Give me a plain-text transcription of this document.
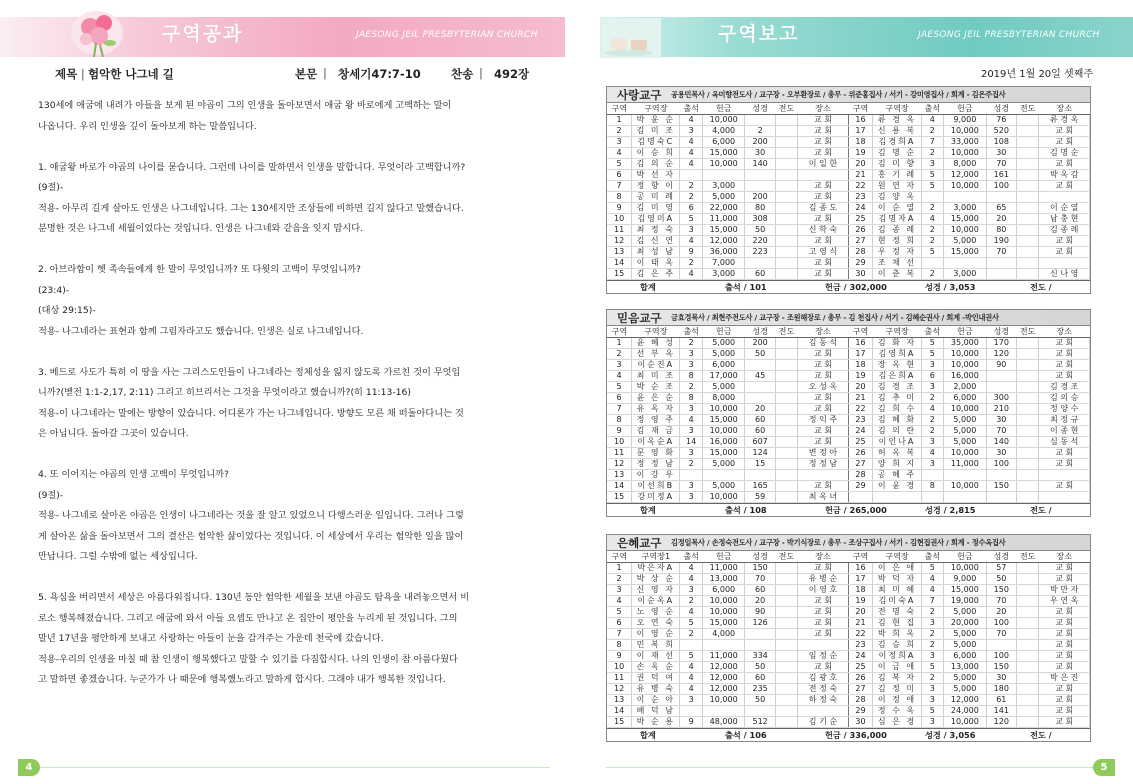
구역공과	JAESONG JEIL PRESBYTERIAN CHURCH
제목 | 험악한 나그네 길	본문 | 창세기47:7-10	찬송 | 492장

130세에 애굽에 내려가 아들을 보게 된 야곱이 그의 인생을 돌아보면서 애굽 왕 바로에게 고백하는 말이

나옵니다. 우리 인생을 깊이 돌아보게 하는 말씀입니다.

1. 애굽왕 바로가 야곱의 나이를 묻습니다. 그런데 나이를 말하면서 인생을 말합니다. 무엇이라 고백합니까?

(9절)-

적용- 아무리 길게 살아도 인생은 나그네입니다. 그는 130세지만 조상들에 비하면 길지 않다고 말했습니다.

분명한 것은 나그네 세월이었다는 것입니다. 인생은 나그네와 같음을 잊지 맙시다.

2. 아브라함이 헷 족속들에게 한 말이 무엇입니까? 또 다윗의 고백이 무엇입니까?

(23:4)-

(대상 29:15)-

적용- 나그네라는 표현과 함께 그림자라고도 했습니다. 인생은 실로 나그네입니다.

3. 베드로 사도가 특히 이 땅을 사는 그리스도인들이 나그네라는 정체성을 잃지 않도록 가르친 것이 무엇입

니까?(벧전 1:1-2,17, 2:11) 그리고 히브리서는 그것을 무엇이라고 했습니까?(히 11:13-16)

적용-이 나그네라는 말에는 방향이 있습니다. 어디론가 가는 나그네입니다. 방향도 모른 채 떠돌아다니는 것

은 아닙니다. 돌아갈 그곳이 있습니다.

4. 또 이어지는 야곱의 인생 고백이 무엇입니까?

(9절)-

적용- 나그네로 살아온 야곱은 인생이 나그네라는 것을 잘 알고 있었으니 다행스러운 일입니다. 그러나 그렇

게 살아온 삶을 돌아보면서 그의 결산은 험악한 삶이었다는 것입니다. 이 세상에서 우리는 험악한 일을 많이

만납니다. 그럴 수밖에 없는 세상입니다.

5. 욕심을 버리면서 세상은 아름다워집니다. 130년 동안 험악한 세월을 보낸 야곱도 탐욕을 내려놓으면서 비

로소 행복해졌습니다. 그리고 애굽에 와서 아들 요셉도 만나고 온 집안이 평안을 누리게 된 것입니다. 그의

말년 17년을 평안하게 보내고 사랑하는 아들이 눈을 감겨주는 가운데 천국에 갔습니다.

적용-우리의 인생을 마칠 때 참 인생이 행복했다고 말할 수 있기를 다짐합시다. 나의 인생이 참 아름다웠다

고 말하면 좋겠습니다. 누군가가 나 때문에 행복했노라고 말하게 합시다. 그래야 내가 행복한 것입니다.

4
구역보고	JAESONG JEIL PRESBYTERIAN CHURCH
2019년 1월 20일 셋째주
사랑교구	공용민목사 / 옥미향전도사 / 교구장 - 오부환장로 / 총무 - 위준홍집사 / 서기 - 강미영집사 / 회계 - 김은주집사
구역	구역장	출석	헌금	성경	전도	장소	구역	구역장	출석	헌금	성경	전도	장소
1	박 윤 순	4	10,000			교 회	16	류 경 옥	4	9,000	76		류 경 옥
2	김 미 조	3	4,000	2		교 회	17	신 용 복	2	10,000	520		교 회
3	김명숙C	4	6,000	200		교 회	18	김경희A	7	33,000	108		교 회
4	이 승 희	4	15,000	30		교 회	19	김 명 순	2	10,000	30		김 명 순
5	김 의 순	4	10,000	140		이 일 한	20	김 미 향	3	8,000	70		교 회
6	박 선 자						21	홍 기 례	5	12,000	161		박 옥 감
7	정 향 이	2	3,000			교 회	22	원 연 자	5	10,000	100		교 회
8	공 미 례	2	5,000	200		교 회	23	김 양 옥					
9	김 미 영	6	22,000	80		김 종 도	24	이 순 열	2	3,000	65		이 순 열
10	김영미A	5	11,000	308		교 회	25	김명자A	4	15,000	20		남 충 현
11	최 정 숙	3	15,000	50		신 학 숙	26	김 종 례	2	10,000	80		김 종 례
12	김 신 연	4	12,000	220		교 회	27	현 정 희	2	5,000	190		교 회
13	최 성 남	9	36,000	223		고 영 식	28	우 정 자	5	15,000	70		교 회
14	이 태 옥	2	7,000			교 회	29	조 채 선					
15	김 은 주	4	3,000	60		교 회	30	이 춘 복	2	3,000			신 나 영
합계	출석 / 101	헌금 / 302,000	성경 / 3,053	전도 /
믿음교구	금효경목사 / 최현주전도사 / 교구장 - 조원해장로 / 총무 - 김 천집사 / 서기 - 김혜순권사 / 회계 -박인내권사
구역	구역장	출석	헌금	성경	전도	장소	구역	구역장	출석	헌금	성경	전도	장소
1	윤 혜 성	2	5,000	200		김 동 석	16	김 화 자	5	35,000	170		교 회
2	선 부 옥	3	5,000	50		교 회	17	김영희A	5	10,000	120		교 회
3	이순진A	3	6,000			교 회	18	장 옥 현	3	10,000	90		교 회
4	최 미 조	8	17,000	45		교 회	19	김은희A	6	16,000			교 회
5	박 순 조	2	5,000			오 성 옥	20	김 경 조	3	2,000			김 경 조
6	윤 은 순	8	8,000			교 회	21	김 추 미	2	6,000	300		김 의 승
7	유 옥 자	3	10,000	20		교 회	22	김 희 수	4	10,000	210		정 양 수
8	정 영 주	4	15,000	60		정 익 주	23	김 혜 화	2	5,000	30		최 정 규
9	김 재 금	3	10,000	60		교 회	24	김 의 란	2	5,000	70		이 종 현
10	이옥순A	14	16,000	607		교 회	25	이인나A	3	5,000	140		심 동 석
11	문 영 화	3	15,000	124		변 정 아	26	허 옥 복	4	10,000	30		교 회
12	정 정 남	2	5,000	15		정 정 남	27	양 희 지	3	11,000	100		교 회
13	이 강 우						28	공 혜 주					
14	이선희B	3	5,000	165		교 회	29	이 윤 경	8	10,000	150		교 회
15	강미정A	3	10,000	59		최 옥 녀							
합계	출석 / 108	헌금 / 265,000	성경 / 2,815	전도 /
은혜교구	김정일목사 / 손정숙전도사 / 교구장 - 박기식장로 / 총무 - 조상구집사 / 서기 - 김현집권사 / 회계 - 정수옥집사
구역	구역장1	출석	헌금	성경	전도	장소	구역	구역장	출석	헌금	성경	전도	장소
1	박은자A	4	11,000	150		교 회	16	이 은 애	5	10,000	57		교 회
2	박 상 순	4	13,000	70		유 병 순	17	박 덕 자	4	9,000	50		교 회
3	신 영 자	3	6,000	60		이 영 호	18	최 미 혜	4	15,000	150		박 만 자
4	이순옥A	2	10,000	20		교 회	19	김미숙A	7	19,000	70		우 연 옥
5	노 영 순	4	10,000	90		교 회	20	전 명 숙	2	5,000	20		교 회
6	오 연 숙	5	15,000	126		교 회	21	김 현 집	3	20,000	100		교 회
7	이 영 순	2	4,000			교 회	22	박 희 옥	2	5,000	70		교 회
8	민 복 희						23	김 승 희	2	5,000			교 회
9	이 재 선	5	11,000	334		임 정 순	24	이정희A	3	6,000	100		교 회
10	손 옥 순	4	12,000	50		교 회	25	이 금 애	5	13,000	150		교 회
11	권 덕 여	4	12,000	60		김 광 호	26	김 복 자	2	5,000	30		박 은 진
12	유 병 숙	4	12,000	235		전 정 숙	27	김 정 미	3	5,000	180		교 회
13	이 순 아	3	10,000	50		하 정 숙	28	이 정 애	3	12,000	61		교 회
14	배 덕 남						29	정 수 옥	5	24,000	141		교 회
15	박 순 용	9	48,000	512		김 기 순	30	심 은 경	3	10,000	120		교 회
합계	출석 / 106	헌금 / 336,000	성경 / 3,056	전도 /
5
